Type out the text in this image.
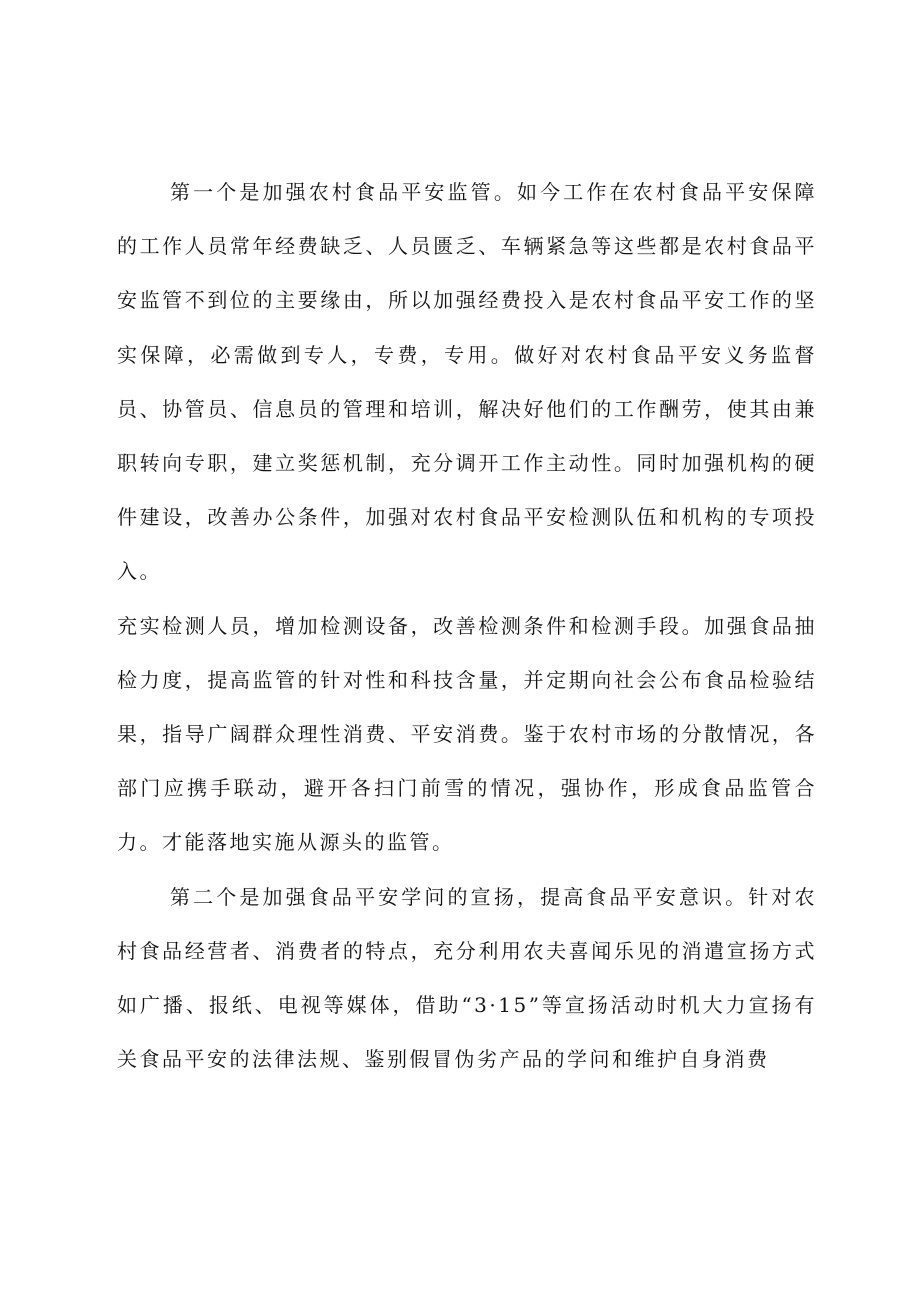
第一个是加强农村食品平安监管。如今工作在农村食品平安保障的工作人员常年经费缺乏、人员匮乏、车辆紧急等这些都是农村食品平安监管不到位的主要缘由，所以加强经费投入是农村食品平安工作的坚实保障，必需做到专人，专费，专用。做好对农村食品平安义务监督员、协管员、信息员的管理和培训，解决好他们的工作酬劳，使其由兼职转向专职，建立奖惩机制，充分调开工作主动性。同时加强机构的硬件建设，改善办公条件，加强对农村食品平安检测队伍和机构的专项投入。

充实检测人员，增加检测设备，改善检测条件和检测手段。加强食品抽检力度，提高监管的针对性和科技含量，并定期向社会公布食品检验结果，指导广阔群众理性消费、平安消费。鉴于农村市场的分散情况，各部门应携手联动，避开各扫门前雪的情况，强协作，形成食品监管合力。才能落地实施从源头的监管。

第二个是加强食品平安学问的宣扬，提高食品平安意识。针对农村食品经营者、消费者的特点，充分利用农夫喜闻乐见的消遣宣扬方式如广播、报纸、电视等媒体，借助“3·15”等宣扬活动时机大力宣扬有关食品平安的法律法规、鉴别假冒伪劣产品的学问和维护自身消费
